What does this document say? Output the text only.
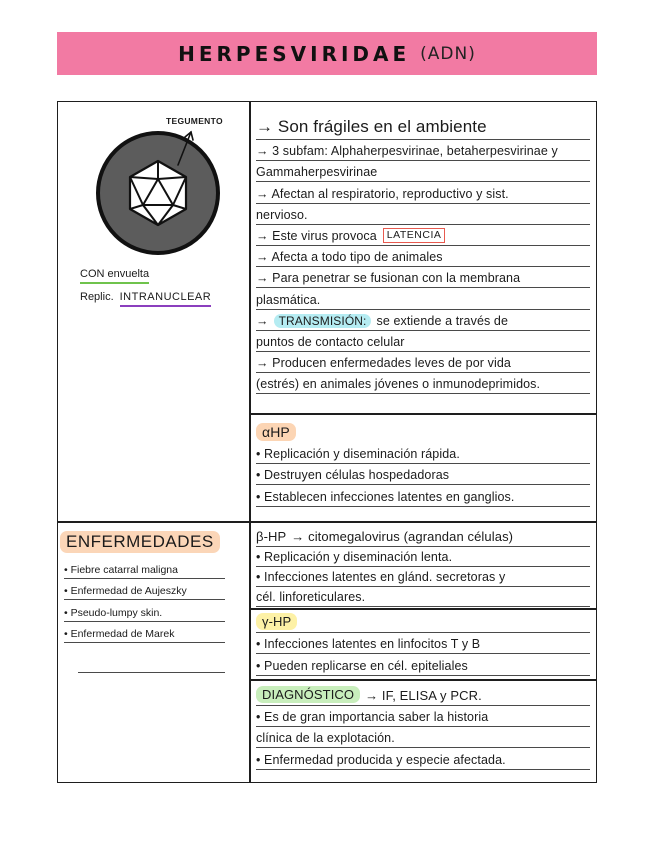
HERPESVIRIDAE (ADN)
TEGUMENTO
CON envuelta
Replic. INTRANUCLEAR
→ Son frágiles en el ambiente
→ 3 subfam: Alphaherpesvirinae, betaherpesvirinae y
Gammaherpesvirinae
→ Afectan al respiratorio, reproductivo y sist.
nervioso.
→ Este virus provoca LATENCIA
→ Afecta a todo tipo de animales
→ Para penetrar se fusionan con la membrana
plasmática.
→ TRANSMISIÓN: se extiende a través de
puntos de contacto celular
→ Producen enfermedades leves de por vida
(estrés) en animales jóvenes o inmunodeprimidos.
αHP
• Replicación y diseminación rápida.
• Destruyen células hospedadoras
• Establecen infecciones latentes en ganglios.
ENFERMEDADES
• Fiebre catarral maligna
• Enfermedad de Aujeszky
• Pseudo-lumpy skin.
• Enfermedad de Marek
β-HP → citomegalovirus (agrandan células)
• Replicación y diseminación lenta.
• Infecciones latentes en glánd. secretoras y
cél. linforeticulares.
γ-HP
• Infecciones latentes en linfocitos T y B
• Pueden replicarse en cél. epiteliales
DIAGNÓSTICO → IF, ELISA y PCR.
• Es de gran importancia saber la historia
clínica de la explotación.
• Enfermedad producida y especie afectada.
